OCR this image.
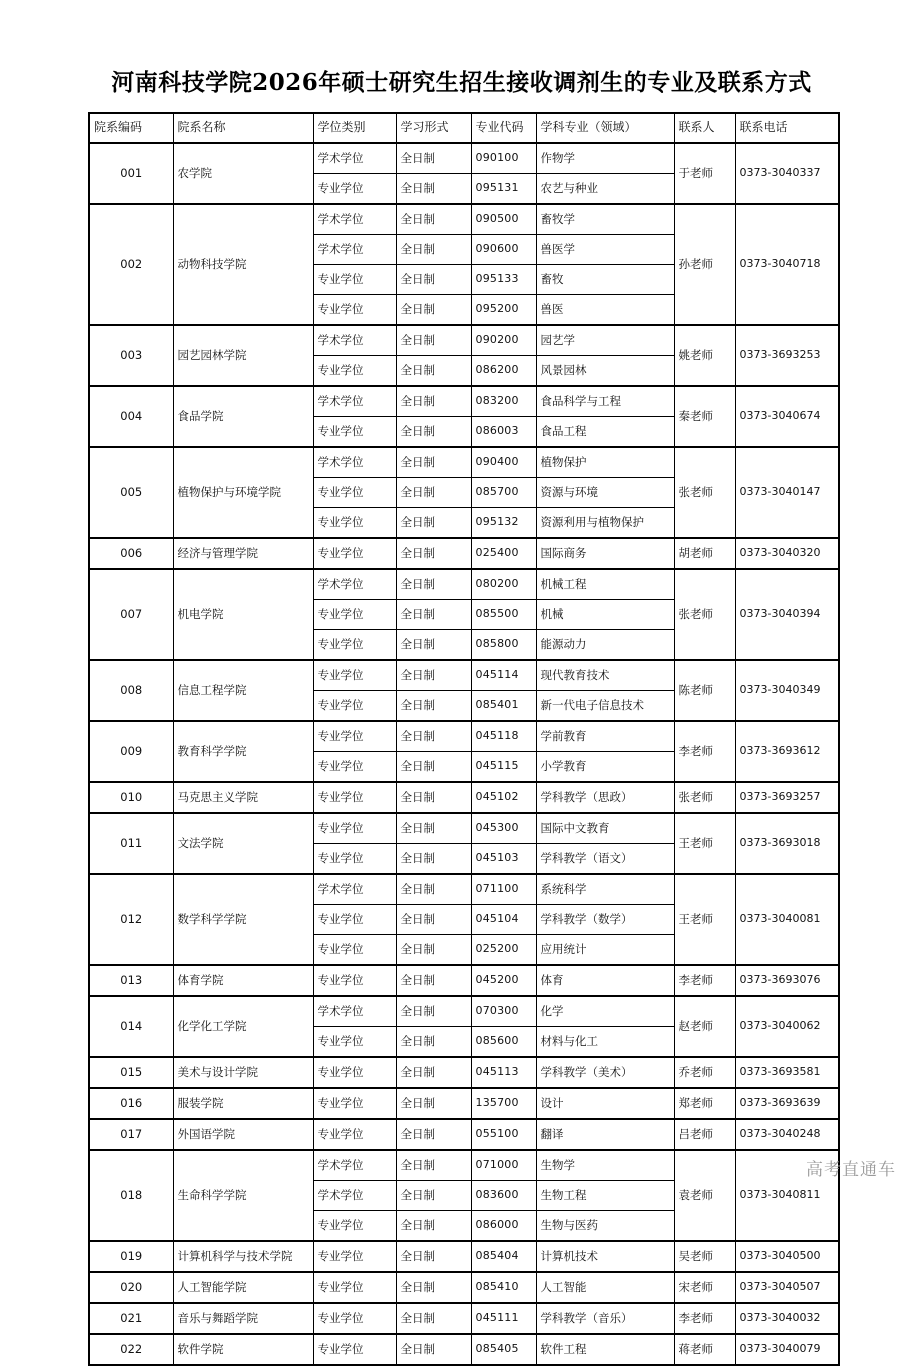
河南科技学院2026年硕士研究生招生接收调剂生的专业及联系方式
院系编码	院系名称	学位类别	学习形式	专业代码	学科专业（领域）	联系人	联系电话
001	农学院	学术学位	全日制	090100	作物学	于老师	0373-3040337
		专业学位	全日制	095131	农艺与种业		
002	动物科技学院	学术学位	全日制	090500	畜牧学	孙老师	0373-3040718
		学术学位	全日制	090600	兽医学		
		专业学位	全日制	095133	畜牧		
		专业学位	全日制	095200	兽医		
003	园艺园林学院	学术学位	全日制	090200	园艺学	姚老师	0373-3693253
		专业学位	全日制	086200	风景园林		
004	食品学院	学术学位	全日制	083200	食品科学与工程	秦老师	0373-3040674
		专业学位	全日制	086003	食品工程		
005	植物保护与环境学院	学术学位	全日制	090400	植物保护	张老师	0373-3040147
		专业学位	全日制	085700	资源与环境		
		专业学位	全日制	095132	资源利用与植物保护		
006	经济与管理学院	专业学位	全日制	025400	国际商务	胡老师	0373-3040320
007	机电学院	学术学位	全日制	080200	机械工程	张老师	0373-3040394
		专业学位	全日制	085500	机械		
		专业学位	全日制	085800	能源动力		
008	信息工程学院	专业学位	全日制	045114	现代教育技术	陈老师	0373-3040349
		专业学位	全日制	085401	新一代电子信息技术		
009	教育科学学院	专业学位	全日制	045118	学前教育	李老师	0373-3693612
		专业学位	全日制	045115	小学教育		
010	马克思主义学院	专业学位	全日制	045102	学科教学（思政）	张老师	0373-3693257
011	文法学院	专业学位	全日制	045300	国际中文教育	王老师	0373-3693018
		专业学位	全日制	045103	学科教学（语文）		
012	数学科学学院	学术学位	全日制	071100	系统科学	王老师	0373-3040081
		专业学位	全日制	045104	学科教学（数学）		
		专业学位	全日制	025200	应用统计		
013	体育学院	专业学位	全日制	045200	体育	李老师	0373-3693076
014	化学化工学院	学术学位	全日制	070300	化学	赵老师	0373-3040062
		专业学位	全日制	085600	材料与化工		
015	美术与设计学院	专业学位	全日制	045113	学科教学（美术）	乔老师	0373-3693581
016	服装学院	专业学位	全日制	135700	设计	郑老师	0373-3693639
017	外国语学院	专业学位	全日制	055100	翻译	吕老师	0373-3040248
018	生命科学学院	学术学位	全日制	071000	生物学	袁老师	0373-3040811
		学术学位	全日制	083600	生物工程		
		专业学位	全日制	086000	生物与医药		
019	计算机科学与技术学院	专业学位	全日制	085404	计算机技术	吴老师	0373-3040500
020	人工智能学院	专业学位	全日制	085410	人工智能	宋老师	0373-3040507
021	音乐与舞蹈学院	专业学位	全日制	045111	学科教学（音乐）	李老师	0373-3040032
022	软件学院	专业学位	全日制	085405	软件工程	蒋老师	0373-3040079
高考直通车
